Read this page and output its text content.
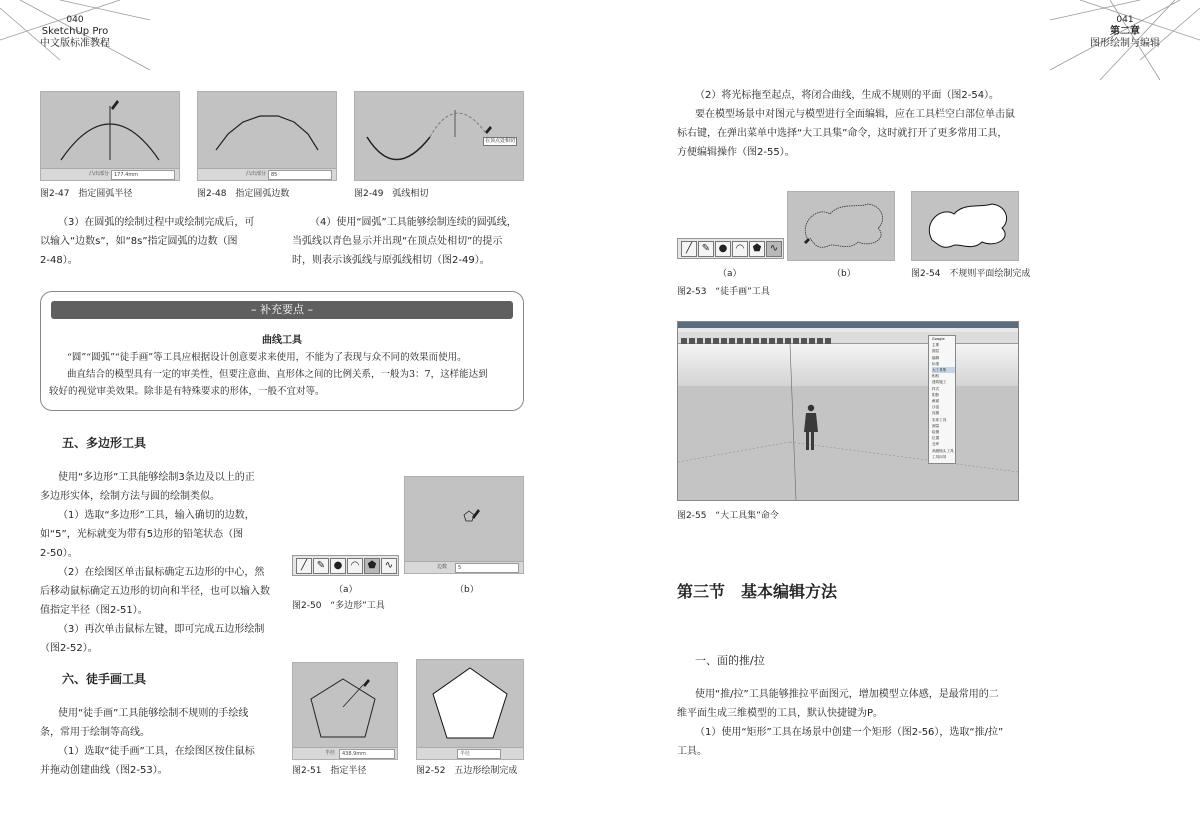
040
SketchUp Pro
中文版标准教程
041
第二章
图形绘制与编辑
凸出部分 177.4mm
图2-47　指定圆弧半径
凸出部分 85
图2-48　指定圆弧边数
在顶点处相切
图2-49　弧线相切
（3）在圆弧的绘制过程中或绘制完成后，可
以输入“边数s”，如“8s”指定圆弧的边数（图
2-48）。
（4）使用“圆弧”工具能够绘制连续的圆弧线，
当弧线以青色显示并出现“在顶点处相切”的提示
时，则表示该弧线与原弧线相切（图2-49）。
– 补充要点 –
曲线工具
“圆”“圆弧”“徒手画”等工具应根据设计创意要求来使用，不能为了表现与众不同的效果而使用。
曲直结合的模型具有一定的审美性，但要注意曲、直形体之间的比例关系，一般为3：7，这样能达到
较好的视觉审美效果。除非是有特殊要求的形体，一般不宜对等。
五、多边形工具
使用“多边形”工具能够绘制3条边及以上的正
多边形实体，绘制方法与圆的绘制类似。
（1）选取“多边形”工具，输入确切的边数，
如“5”，光标就变为带有5边形的铅笔状态（图
2-50）。
（2）在绘图区单击鼠标确定五边形的中心，然
后移动鼠标确定五边形的切向和半径，也可以输入数
值指定半径（图2-51）。
（3）再次单击鼠标左键，即可完成五边形绘制
（图2-52）。
╱ ✎ ● ◠ ⬟ ∿
（a）
边数	5
（b）
图2-50　“多边形”工具
六、徒手画工具
使用“徒手画”工具能够绘制不规则的手绘线
条，常用于绘制等高线。
（1）选取“徒手画”工具，在绘图区按住鼠标
并拖动创建曲线（图2-53）。
半径	438.9mm
图2-51　指定半径
半径
图2-52　五边形绘制完成
（2）将光标拖至起点，将闭合曲线，生成不规则的平面（图2-54）。
要在模型场景中对图元与模型进行全面编辑，应在工具栏空白部位单击鼠
标右键，在弹出菜单中选择“大工具集”命令，这时就打开了更多常用工具，
方便编辑操作（图2-55）。
╱ ✎ ● ◠ ⬟ ∿
（a）	（b）	图2-54　不规则平面绘制完成
图2-53　“徒手画”工具
Google
主要
图层
编辑
标准
大工具集
相机
建筑施工
样式
阴影
截面
沙盒
视图
实体工具
测量
绘图
位置
仓库
高级镜头工具
工具向导
图2-55　“大工具集”命令
第三节　基本编辑方法
一、面的推/拉
使用“推/拉”工具能够推拉平面图元，增加模型立体感，是最常用的二
维平面生成三维模型的工具，默认快捷键为P。
（1）使用“矩形”工具在场景中创建一个矩形（图2-56），选取“推/拉”
工具。
